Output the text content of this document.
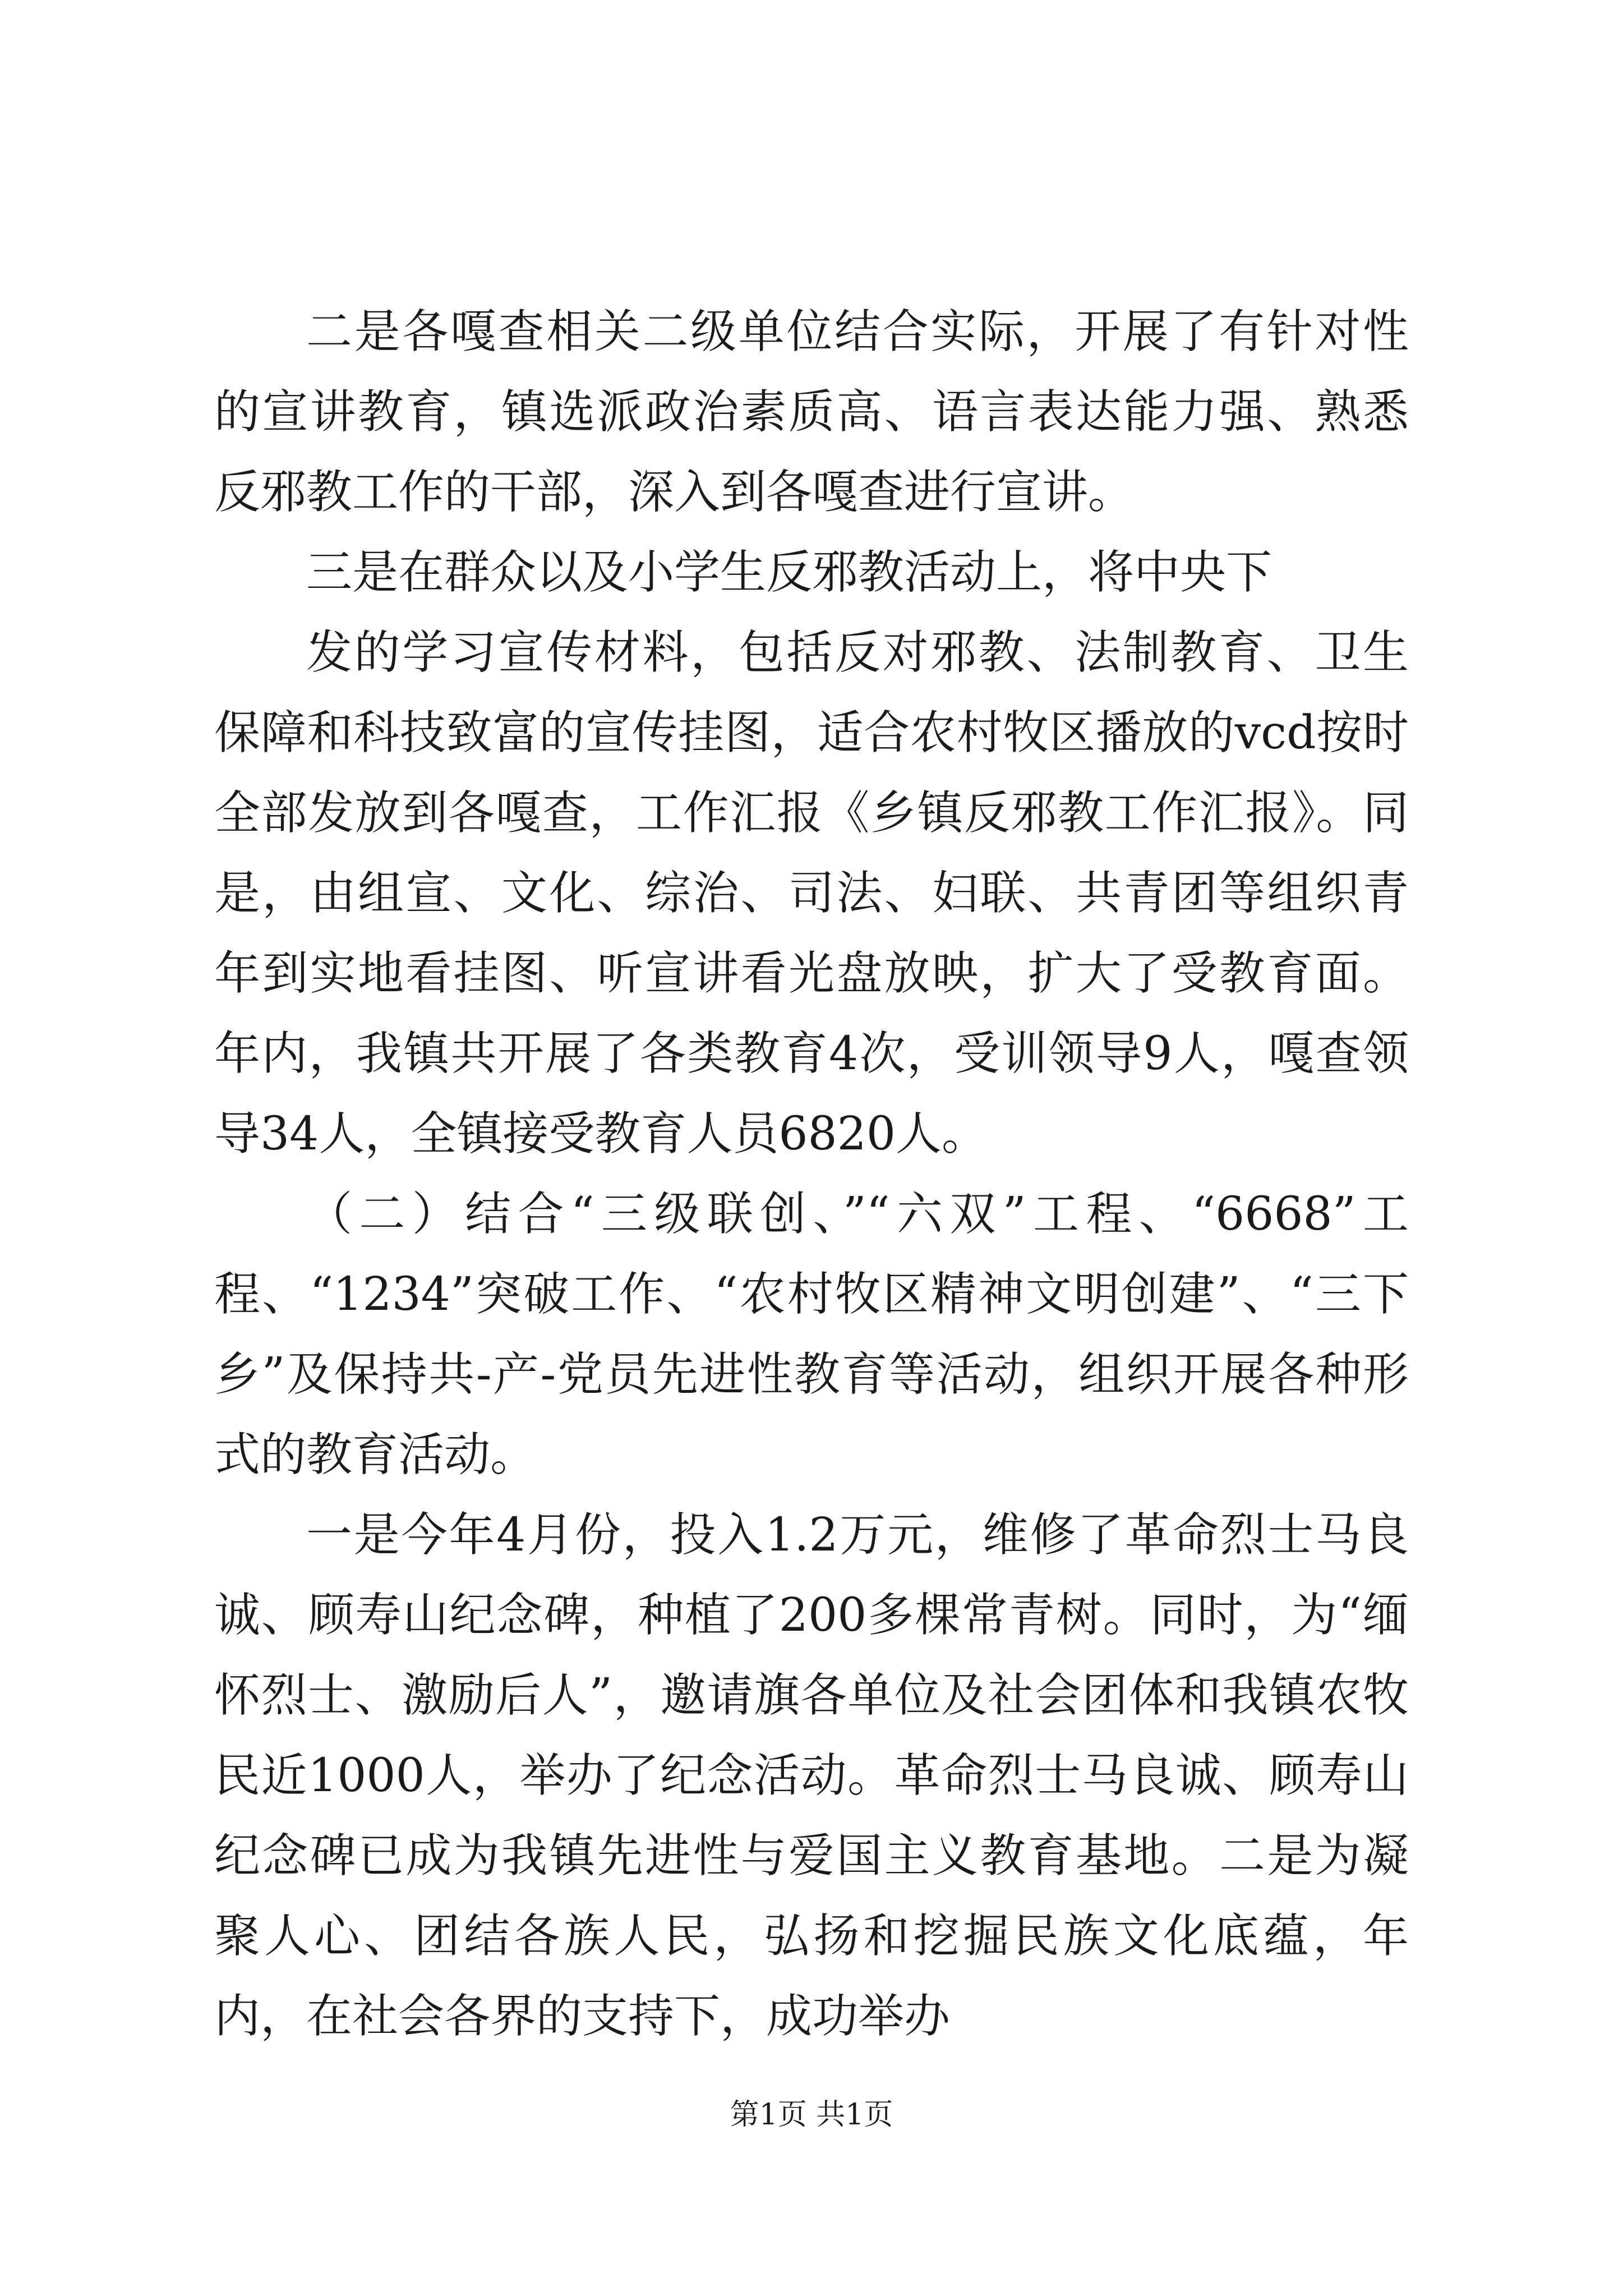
二是各嘎查相关二级单位结合实际，开展了有针对性的宣讲教育，镇选派政治素质高、语言表达能力强、熟悉反邪教工作的干部，深入到各嘎查进行宣讲。

三是在群众以及小学生反邪教活动上，将中央下

发的学习宣传材料，包括反对邪教、法制教育、卫生保障和科技致富的宣传挂图，适合农村牧区播放的vcd按时全部发放到各嘎查，工作汇报《乡镇反邪教工作汇报》。同是，由组宣、文化、综治、司法、妇联、共青团等组织青年到实地看挂图、听宣讲看光盘放映，扩大了受教育面。年内，我镇共开展了各类教育4次，受训领导9人，嘎查领导34人，全镇接受教育人员6820人。

（二）结合“三级联创、”“六双”工程、“6668”工程、“1234”突破工作、“农村牧区精神文明创建”、“三下乡”及保持共-产-党员先进性教育等活动，组织开展各种形式的教育活动。

一是今年4月份，投入1.2万元，维修了革命烈士马良诚、顾寿山纪念碑，种植了200多棵常青树。同时，为“缅怀烈士、激励后人”，邀请旗各单位及社会团体和我镇农牧民近1000人，举办了纪念活动。革命烈士马良诚、顾寿山纪念碑已成为我镇先进性与爱国主义教育基地。二是为凝聚人心、团结各族人民，弘扬和挖掘民族文化底蕴，年内，在社会各界的支持下，成功举办

第1页 共1页
